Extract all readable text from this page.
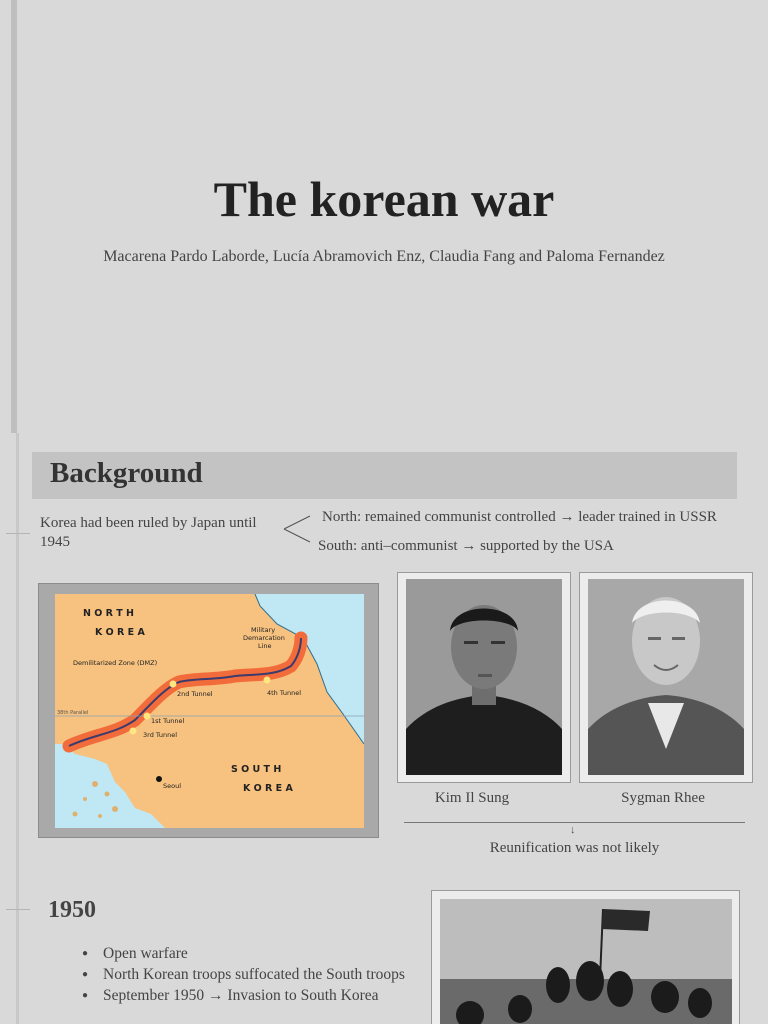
The korean war
Macarena Pardo Laborde, Lucía Abramovich Enz, Claudia Fang and Paloma Fernandez
Background
Korea had been ruled by Japan until 1945
North: remained communist controlled → leader trained in USSR
South: anti–communist → supported by the USA
N O R T H
K O R E A
S O U T H
K O R E A
Military
Demarcation
Line
Demilitarized Zone (DMZ)
2nd Tunnel	4th Tunnel
1st Tunnel
3rd Tunnel
38th Parallel
Seoul
Kim Il Sung	Sygman Rhee
↓
Reunification was not likely
1950
● Open warfare
● North Korean troops suffocated the South troops
● September 1950 → Invasion to South Korea
